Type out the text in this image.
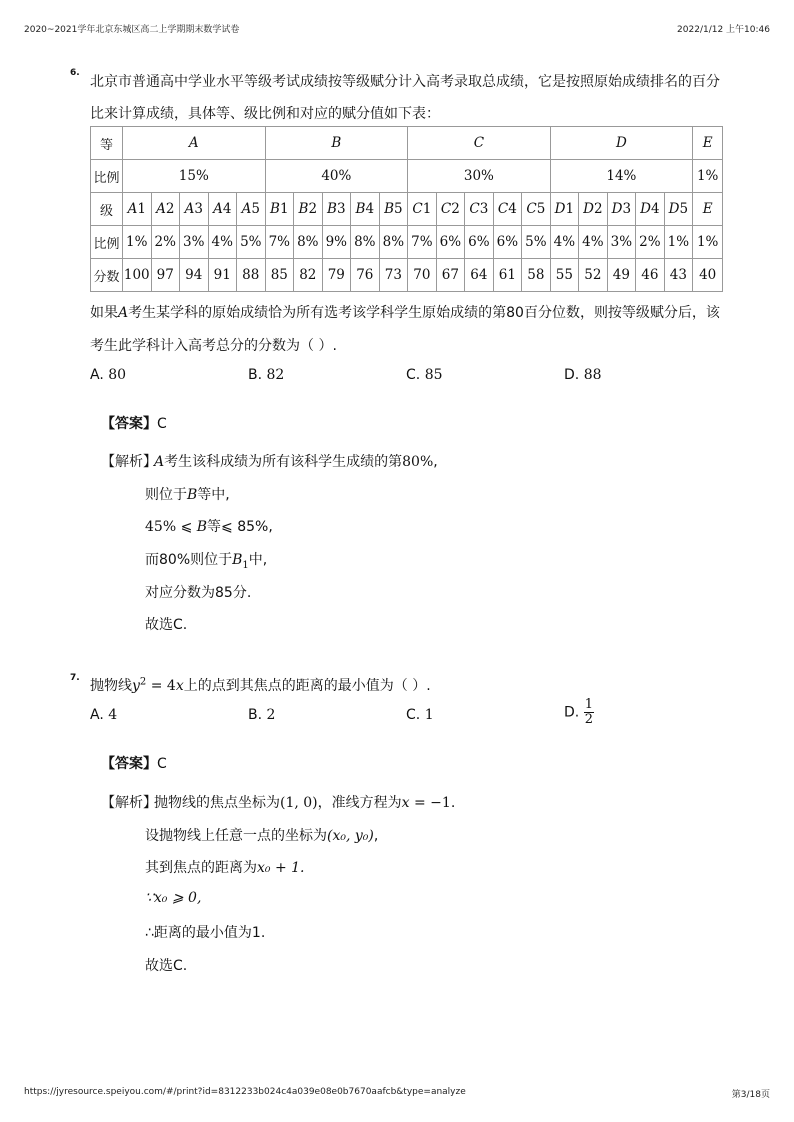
2020~2021学年北京东城区高二上学期期末数学试卷	2022/1/12 上午10:46
6.
北京市普通高中学业水平等级考试成绩按等级赋分计入高考录取总成绩，它是按照原始成绩排名的百分
比来计算成绩，具体等、级比例和对应的赋分值如下表：
等	A					B					C					D					E
比例	15%					40%					30%					14%					1%
级	A1	A2	A3	A4	A5	B1	B2	B3	B4	B5	C1	C2	C3	C4	C5	D1	D2	D3	D4	D5	E
比例	1%	2%	3%	4%	5%	7%	8%	9%	8%	8%	7%	6%	6%	6%	5%	4%	4%	3%	2%	1%	1%
分数	100	97	94	91	88	85	82	79	76	73	70	67	64	61	58	55	52	49	46	43	40
如果A考生某学科的原始成绩恰为所有选考该学科学生原始成绩的第80百分位数，则按等级赋分后，该
考生此学科计入高考总分的分数为（ ）.
A. 80	B. 82	C. 85	D. 88
【答案】C
【解析】
A考生该科成绩为所有该科学生成绩的第80%,
则位于B等中,
45% ⩽ B等⩽ 85%,
而80%则位于$B_1$中,
对应分数为85分.
故选C.
7. 抛物线$y^2 = 4x$上的点到其焦点的距离的最小值为（ ）.
A. 4	B. 2	C. 1	D. $\frac{1}{2}$
【答案】C
【解析】
抛物线的焦点坐标为(1, 0)，准线方程为x = −1.
设抛物线上任意一点的坐标为(x₀, y₀),
其到焦点的距离为x₀ + 1.
∵x₀ ⩾ 0,
∴距离的最小值为1.
故选C.
https://jyresource.speiyou.com/#/print?id=8312233b024c4a039e08e0b7670aafcb&type=analyze	第3/18页
